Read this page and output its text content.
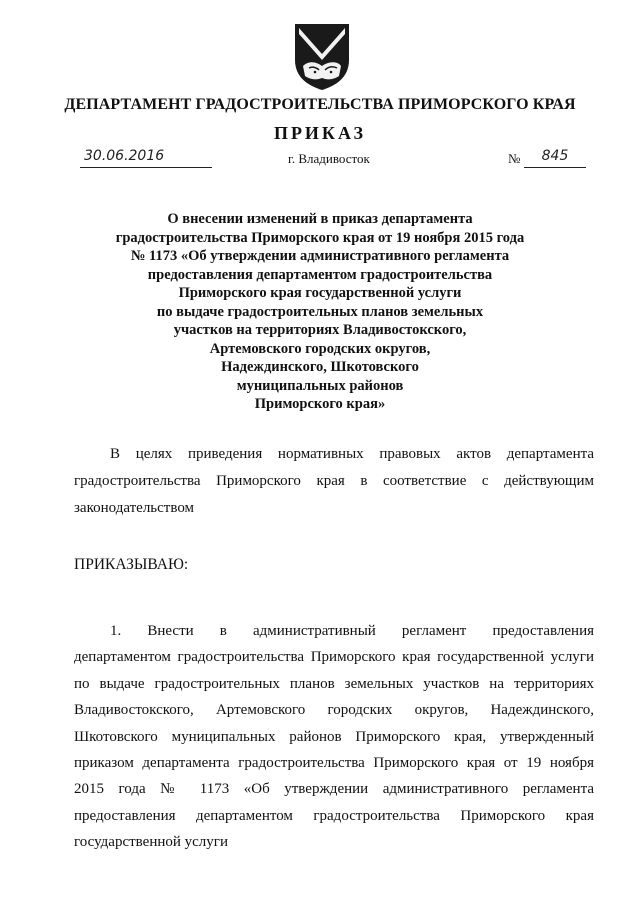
ДЕПАРТАМЕНТ ГРАДОСТРОИТЕЛЬСТВА ПРИМОРСКОГО КРАЯ
ПРИКАЗ
30.06.2016	г. Владивосток	№	845
О внесении изменений в приказ департамента
градостроительства Приморского края от 19 ноября 2015 года
№ 1173 «Об утверждении административного регламента
предоставления департаментом градостроительства
Приморского края государственной услуги
по выдаче градостроительных планов земельных
участков на территориях Владивостокского,
Артемовского городских округов,
Надеждинского, Шкотовского
муниципальных районов
Приморского края»
В целях приведения нормативных правовых актов департамента
градостроительства Приморского края в соответствие с действующим
законодательством
ПРИКАЗЫВАЮ:
1. Внести в административный регламент предоставления
департаментом градостроительства Приморского края государственной услуги
по выдаче градостроительных планов земельных участков на территориях
Владивостокского, Артемовского городских округов, Надеждинского,
Шкотовского муниципальных районов Приморского края, утвержденный
приказом департамента градостроительства Приморского края от 19 ноября
2015 года № 1173 «Об утверждении административного регламента
предоставления департаментом градостроительства Приморского края
государственной услуги
